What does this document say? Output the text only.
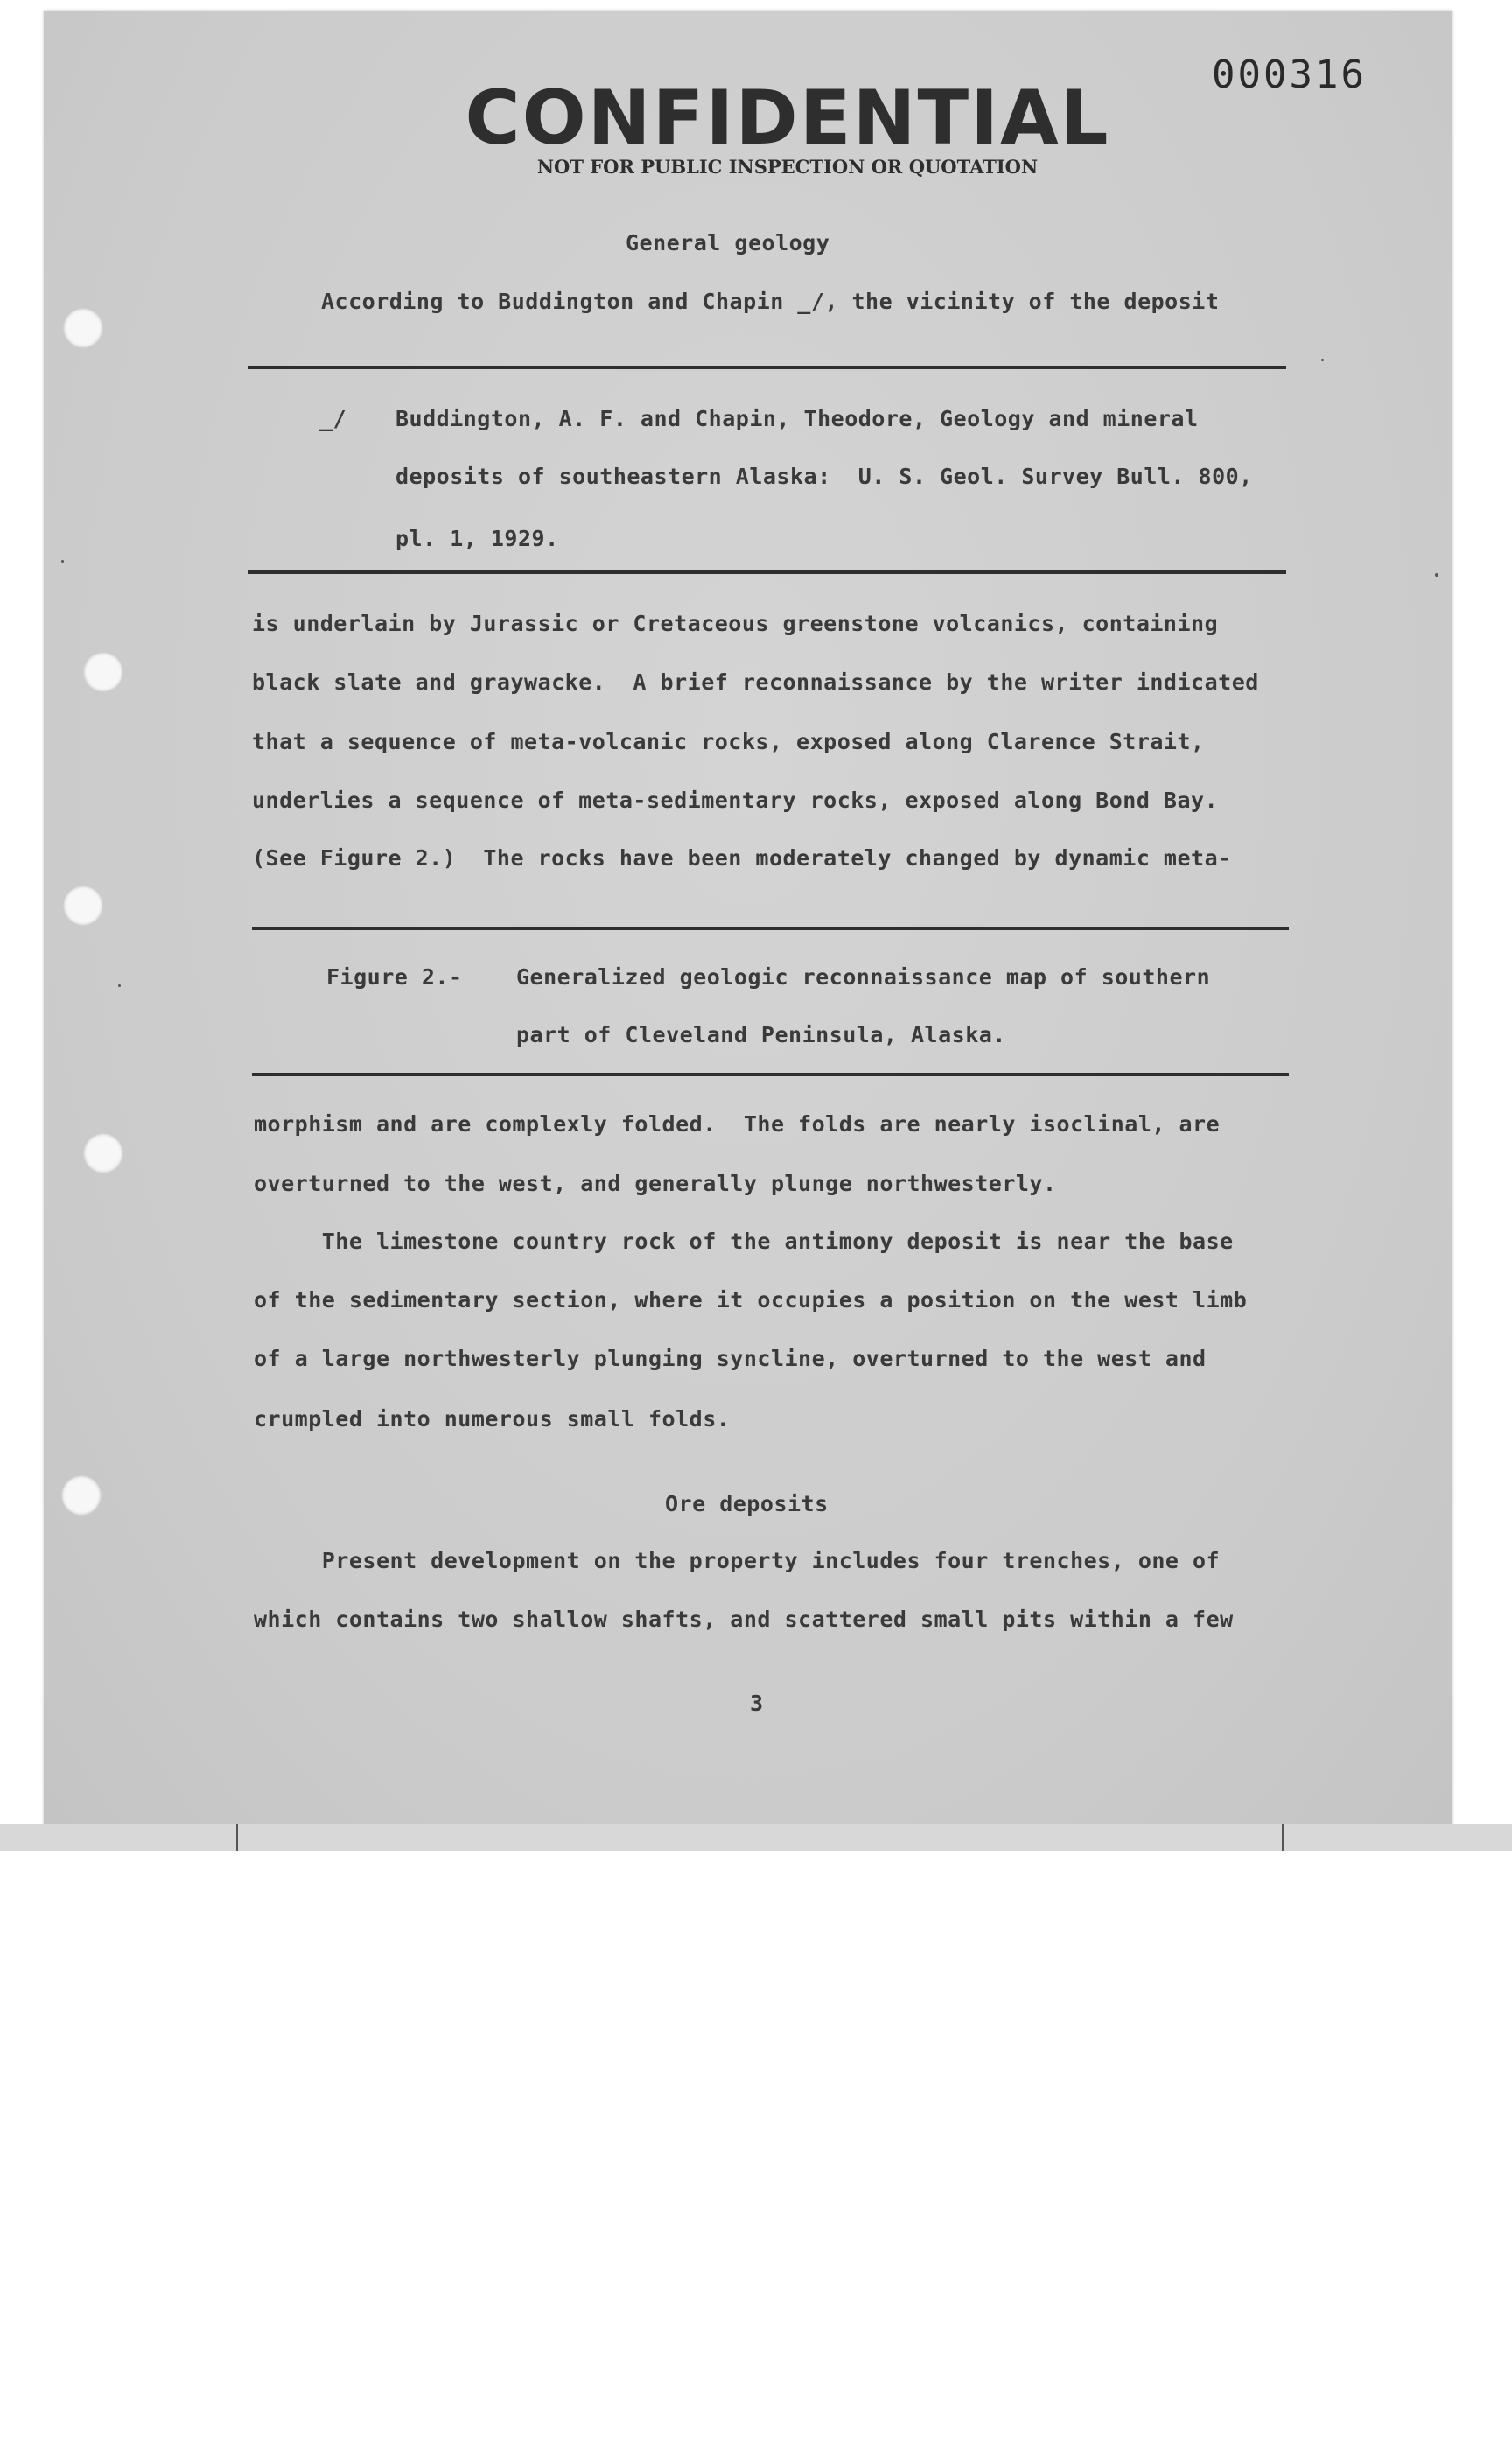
000316
CONFIDENTIAL
NOT FOR PUBLIC INSPECTION OR QUOTATION
General geology
According to Buddington and Chapin _/, the vicinity of the deposit
_/ Buddington, A. F. and Chapin, Theodore, Geology and mineral
deposits of southeastern Alaska:  U. S. Geol. Survey Bull. 800,
pl. 1, 1929.
is underlain by Jurassic or Cretaceous greenstone volcanics, containing
black slate and graywacke.  A brief reconnaissance by the writer indicated
that a sequence of meta-volcanic rocks, exposed along Clarence Strait,
underlies a sequence of meta-sedimentary rocks, exposed along Bond Bay.
(See Figure 2.)  The rocks have been moderately changed by dynamic meta-
Figure 2.- Generalized geologic reconnaissance map of southern
part of Cleveland Peninsula, Alaska.
morphism and are complexly folded.  The folds are nearly isoclinal, are
overturned to the west, and generally plunge northwesterly.
The limestone country rock of the antimony deposit is near the base
of the sedimentary section, where it occupies a position on the west limb
of a large northwesterly plunging syncline, overturned to the west and
crumpled into numerous small folds.
Ore deposits
Present development on the property includes four trenches, one of
which contains two shallow shafts, and scattered small pits within a few
3
